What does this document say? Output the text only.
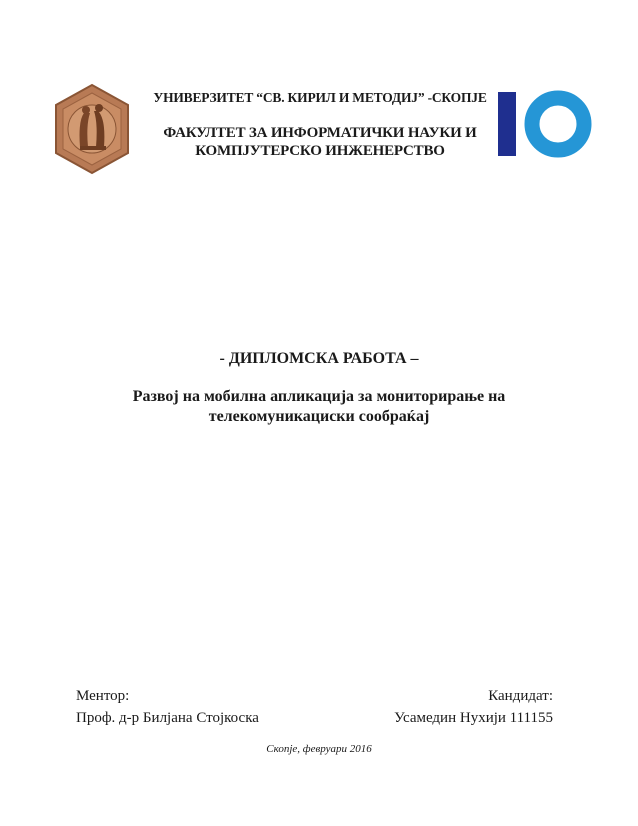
УНИВЕРЗИТЕТ “СВ. КИРИЛ И МЕТОДИЈ” -СКОПЈЕ
ФАКУЛТЕТ ЗА ИНФОРМАТИЧКИ НАУКИ И
КОМПЈУТЕРСКО ИНЖЕНЕРСТВО
- ДИПЛОМСКА РАБОТА –
Развој на мобилна апликација за мониторирање на
телекомуникациски сообраќај
Ментор:
Проф. д-р Билјана Стојкоска
Кандидат:
Усамедин Нухији 111155
Скопје, февруари 2016
